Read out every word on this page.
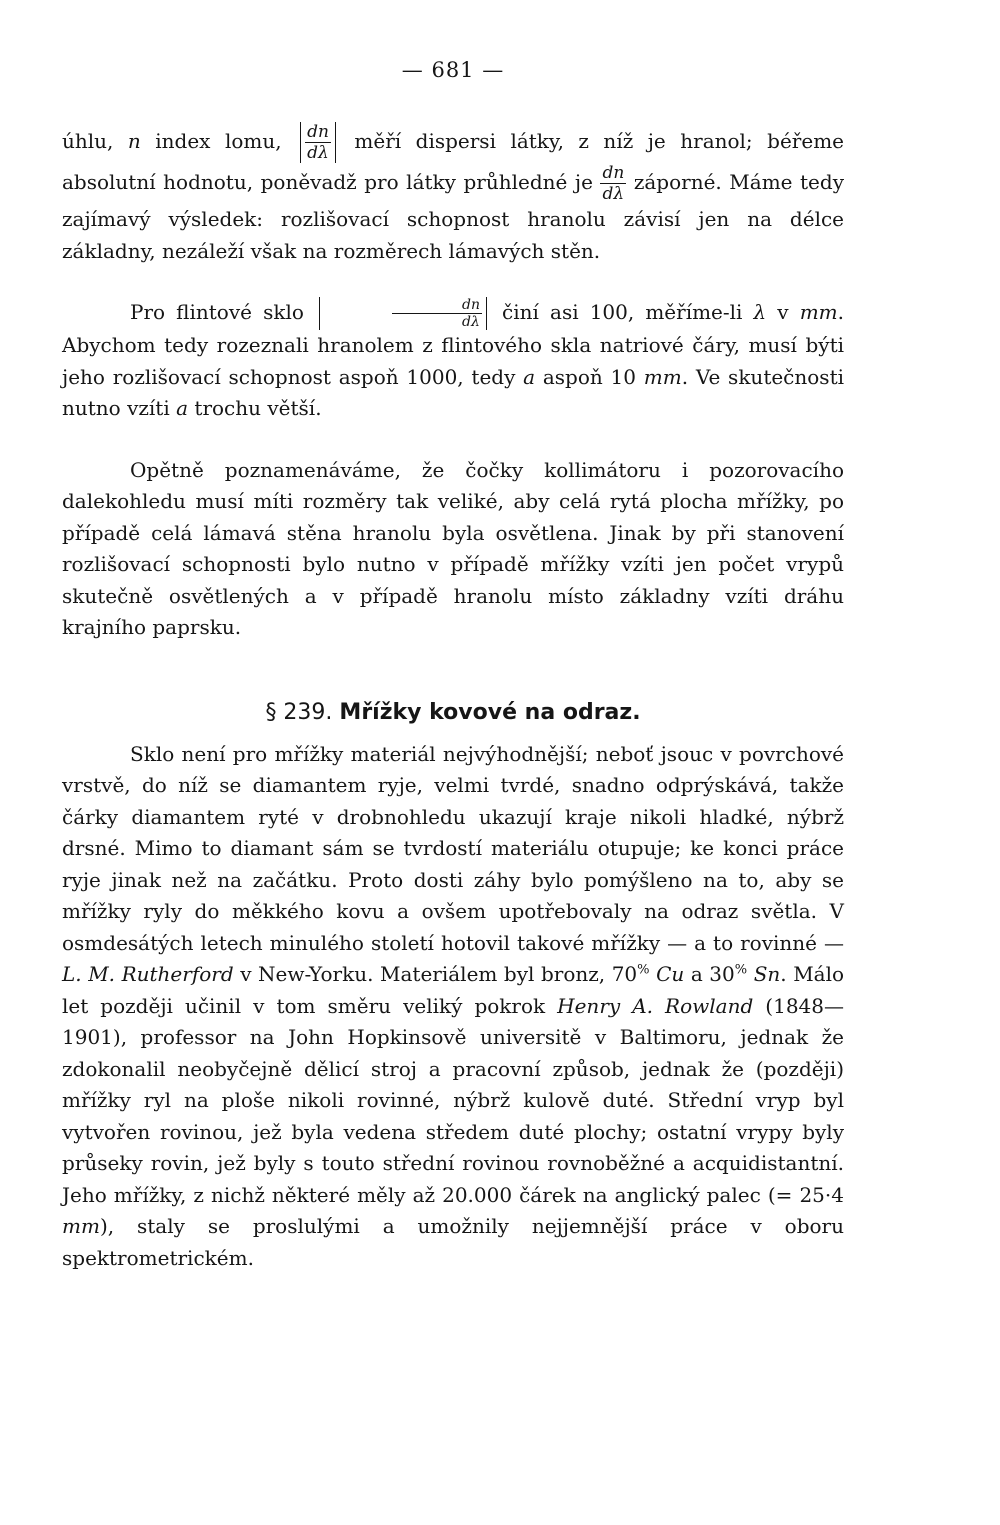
— 681 —

úhlu, n index lomu, $\frac{dn}{d\lambda}$ měří dispersi látky, z níž je hranol; béřeme absolutní hodnotu, poněvadž pro látky průhledné je $\frac{dn}{d\lambda}$ záporné. Máme tedy zajímavý výsledek: rozlišovací schopnost hranolu závisí jen na délce základny, nezáleží však na rozměrech lámavých stěn.

Pro flintové sklo	$\frac{dn}{d\lambda}$ činí asi 100, měříme-li λ v mm. Abychom tedy rozeznali hranolem z flintového skla natriové čáry, musí býti jeho rozlišovací schopnost aspoň 1000, tedy a aspoň 10 mm. Ve skutečnosti nutno vzíti a trochu větší.

Opětně poznamenáváme, že čočky kollimátoru i pozorovacího dalekohledu musí míti rozměry tak veliké, aby celá rytá plocha mřížky, po případě celá lámavá stěna hranolu byla osvětlena. Jinak by při stanovení rozlišovací schopnosti bylo nutno v případě mřížky vzíti jen počet vrypů skutečně osvětlených a v případě hranolu místo základny vzíti dráhu krajního paprsku.

§ 239. Mřížky kovové na odraz.

Sklo není pro mřížky materiál nejvýhodnější; neboť jsouc v povrchové vrstvě, do níž se diamantem ryje, velmi tvrdé, snadno odprýskává, takže čárky diamantem ryté v drobnohledu ukazují kraje nikoli hladké, nýbrž drsné. Mimo to diamant sám se tvrdostí materiálu otupuje; ke konci práce ryje jinak než na začátku. Proto dosti záhy bylo pomýšleno na to, aby se mřížky ryly do měkkého kovu a ovšem upotřebovaly na odraz světla. V osmdesátých letech minulého století hotovil takové mřížky — a to rovinné — L. M. Rutherford v New-Yorku. Materiálem byl bronz, 70% Cu a 30% Sn. Málo let později učinil v tom směru veliký pokrok Henry A. Rowland (1848—1901), professor na John Hopkinsově universitě v Baltimoru, jednak že zdokonalil neobyčejně dělicí stroj a pracovní způsob, jednak že (později) mřížky ryl na ploše nikoli rovinné, nýbrž kulově duté. Střední vryp byl vytvořen rovinou, jež byla vedena středem duté plochy; ostatní vrypy byly průseky rovin, jež byly s touto střední rovinou rovnoběžné a acquidistantní. Jeho mřížky, z nichž některé měly až 20.000 čárek na anglický palec (= 25·4 mm), staly se proslulými a umožnily nejjemnější práce v oboru spektrometrickém.
